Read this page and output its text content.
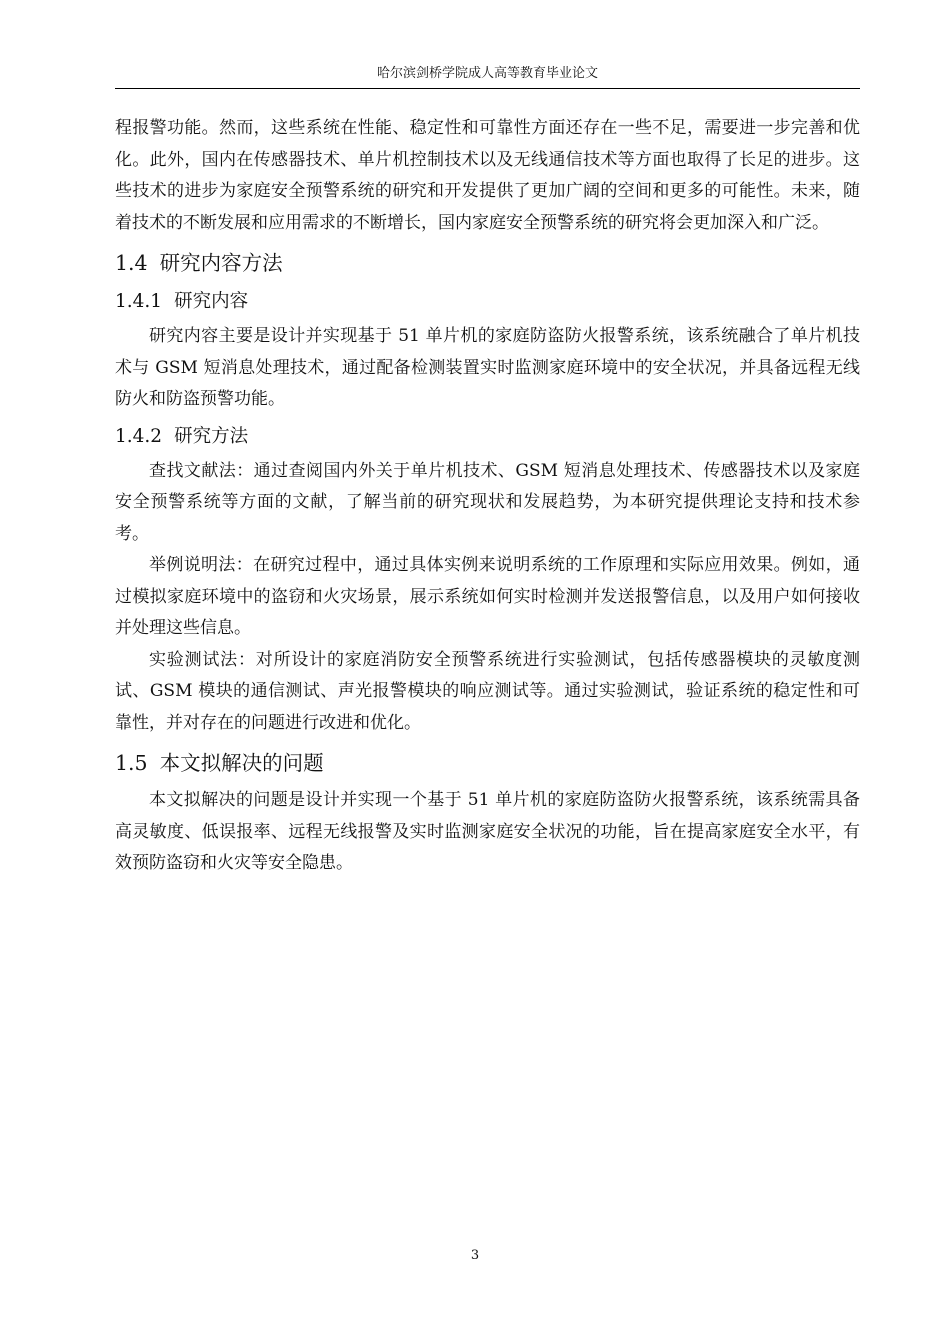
哈尔滨剑桥学院成人高等教育毕业论文

程报警功能。然而，这些系统在性能、稳定性和可靠性方面还存在一些不足，需要进一步完善和优化。此外，国内在传感器技术、单片机控制技术以及无线通信技术等方面也取得了长足的进步。这些技术的进步为家庭安全预警系统的研究和开发提供了更加广阔的空间和更多的可能性。未来，随着技术的不断发展和应用需求的不断增长，国内家庭安全预警系统的研究将会更加深入和广泛。

1.4 研究内容方法
1.4.1 研究内容

研究内容主要是设计并实现基于 51 单片机的家庭防盗防火报警系统，该系统融合了单片机技术与 GSM 短消息处理技术，通过配备检测装置实时监测家庭环境中的安全状况，并具备远程无线防火和防盗预警功能。

1.4.2 研究方法

查找文献法：通过查阅国内外关于单片机技术、GSM 短消息处理技术、传感器技术以及家庭安全预警系统等方面的文献，了解当前的研究现状和发展趋势，为本研究提供理论支持和技术参考。

举例说明法：在研究过程中，通过具体实例来说明系统的工作原理和实际应用效果。例如，通过模拟家庭环境中的盗窃和火灾场景，展示系统如何实时检测并发送报警信息，以及用户如何接收并处理这些信息。

实验测试法：对所设计的家庭消防安全预警系统进行实验测试，包括传感器模块的灵敏度测试、GSM 模块的通信测试、声光报警模块的响应测试等。通过实验测试，验证系统的稳定性和可靠性，并对存在的问题进行改进和优化。

1.5 本文拟解决的问题

本文拟解决的问题是设计并实现一个基于 51 单片机的家庭防盗防火报警系统，该系统需具备高灵敏度、低误报率、远程无线报警及实时监测家庭安全状况的功能，旨在提高家庭安全水平，有效预防盗窃和火灾等安全隐患。

3
